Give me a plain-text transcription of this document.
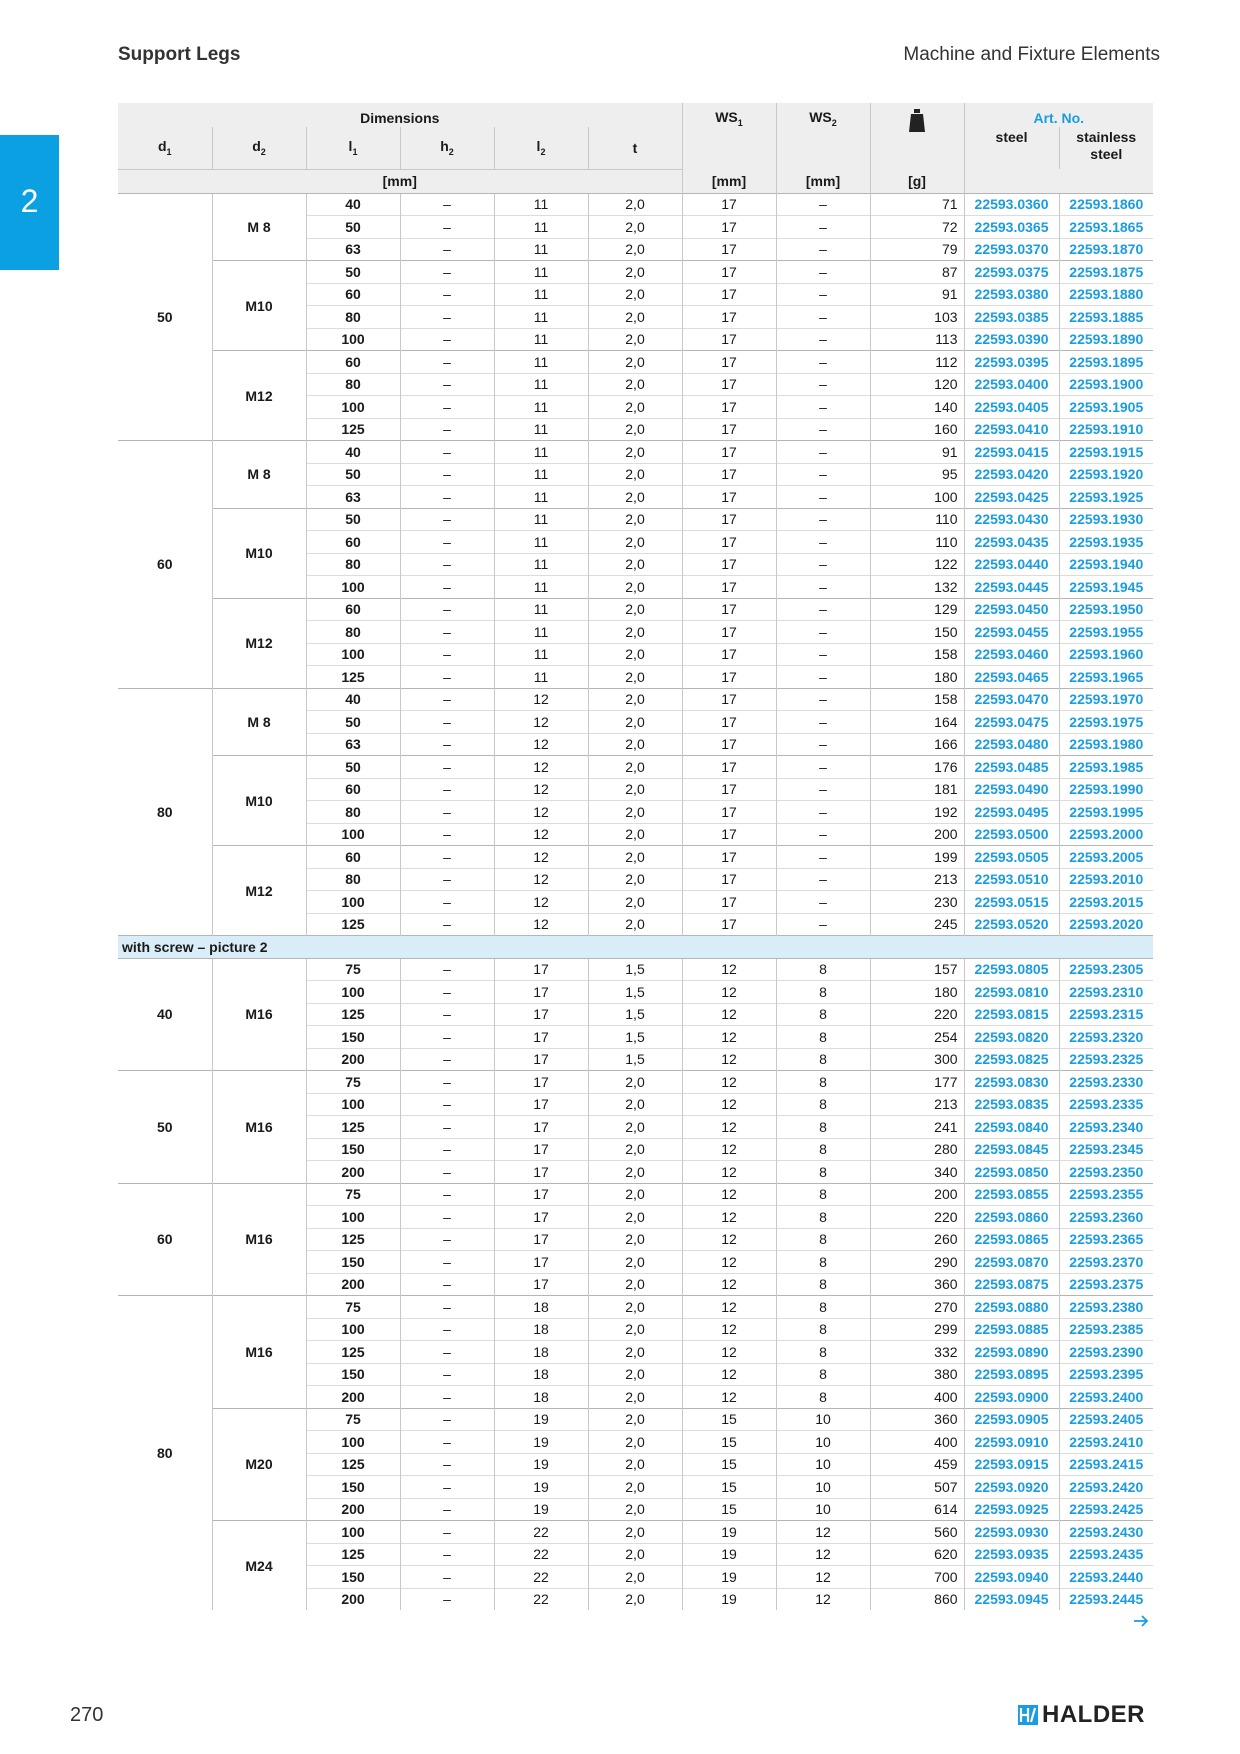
Support Legs	Machine and Fixture Elements
2
Dimensions						$WS_1$	$WS_2$		Art. No.	
$d_1$	$d_2$	$l_1$	$h_2$	$l_2$	t				steel	stainless steel
[mm]						[mm]	[mm]	[g]		
50	M 8	40	–	11	2,0	17	–	71	22593.0360	22593.1860
		50	–	11	2,0	17	–	72	22593.0365	22593.1865
		63	–	11	2,0	17	–	79	22593.0370	22593.1870
	M10	50	–	11	2,0	17	–	87	22593.0375	22593.1875
		60	–	11	2,0	17	–	91	22593.0380	22593.1880
		80	–	11	2,0	17	–	103	22593.0385	22593.1885
		100	–	11	2,0	17	–	113	22593.0390	22593.1890
	M12	60	–	11	2,0	17	–	112	22593.0395	22593.1895
		80	–	11	2,0	17	–	120	22593.0400	22593.1900
		100	–	11	2,0	17	–	140	22593.0405	22593.1905
		125	–	11	2,0	17	–	160	22593.0410	22593.1910
60	M 8	40	–	11	2,0	17	–	91	22593.0415	22593.1915
		50	–	11	2,0	17	–	95	22593.0420	22593.1920
		63	–	11	2,0	17	–	100	22593.0425	22593.1925
	M10	50	–	11	2,0	17	–	110	22593.0430	22593.1930
		60	–	11	2,0	17	–	110	22593.0435	22593.1935
		80	–	11	2,0	17	–	122	22593.0440	22593.1940
		100	–	11	2,0	17	–	132	22593.0445	22593.1945
	M12	60	–	11	2,0	17	–	129	22593.0450	22593.1950
		80	–	11	2,0	17	–	150	22593.0455	22593.1955
		100	–	11	2,0	17	–	158	22593.0460	22593.1960
		125	–	11	2,0	17	–	180	22593.0465	22593.1965
80	M 8	40	–	12	2,0	17	–	158	22593.0470	22593.1970
		50	–	12	2,0	17	–	164	22593.0475	22593.1975
		63	–	12	2,0	17	–	166	22593.0480	22593.1980
	M10	50	–	12	2,0	17	–	176	22593.0485	22593.1985
		60	–	12	2,0	17	–	181	22593.0490	22593.1990
		80	–	12	2,0	17	–	192	22593.0495	22593.1995
		100	–	12	2,0	17	–	200	22593.0500	22593.2000
	M12	60	–	12	2,0	17	–	199	22593.0505	22593.2005
		80	–	12	2,0	17	–	213	22593.0510	22593.2010
		100	–	12	2,0	17	–	230	22593.0515	22593.2015
		125	–	12	2,0	17	–	245	22593.0520	22593.2020
with screw – picture 2										
40	M16	75	–	17	1,5	12	8	157	22593.0805	22593.2305
		100	–	17	1,5	12	8	180	22593.0810	22593.2310
		125	–	17	1,5	12	8	220	22593.0815	22593.2315
		150	–	17	1,5	12	8	254	22593.0820	22593.2320
		200	–	17	1,5	12	8	300	22593.0825	22593.2325
50	M16	75	–	17	2,0	12	8	177	22593.0830	22593.2330
		100	–	17	2,0	12	8	213	22593.0835	22593.2335
		125	–	17	2,0	12	8	241	22593.0840	22593.2340
		150	–	17	2,0	12	8	280	22593.0845	22593.2345
		200	–	17	2,0	12	8	340	22593.0850	22593.2350
60	M16	75	–	17	2,0	12	8	200	22593.0855	22593.2355
		100	–	17	2,0	12	8	220	22593.0860	22593.2360
		125	–	17	2,0	12	8	260	22593.0865	22593.2365
		150	–	17	2,0	12	8	290	22593.0870	22593.2370
		200	–	17	2,0	12	8	360	22593.0875	22593.2375
80	M16	75	–	18	2,0	12	8	270	22593.0880	22593.2380
		100	–	18	2,0	12	8	299	22593.0885	22593.2385
		125	–	18	2,0	12	8	332	22593.0890	22593.2390
		150	–	18	2,0	12	8	380	22593.0895	22593.2395
		200	–	18	2,0	12	8	400	22593.0900	22593.2400
	M20	75	–	19	2,0	15	10	360	22593.0905	22593.2405
		100	–	19	2,0	15	10	400	22593.0910	22593.2410
		125	–	19	2,0	15	10	459	22593.0915	22593.2415
		150	–	19	2,0	15	10	507	22593.0920	22593.2420
		200	–	19	2,0	15	10	614	22593.0925	22593.2425
	M24	100	–	22	2,0	19	12	560	22593.0930	22593.2430
		125	–	22	2,0	19	12	620	22593.0935	22593.2435
		150	–	22	2,0	19	12	700	22593.0940	22593.2440
		200	–	22	2,0	19	12	860	22593.0945	22593.2445
270	HALDER
